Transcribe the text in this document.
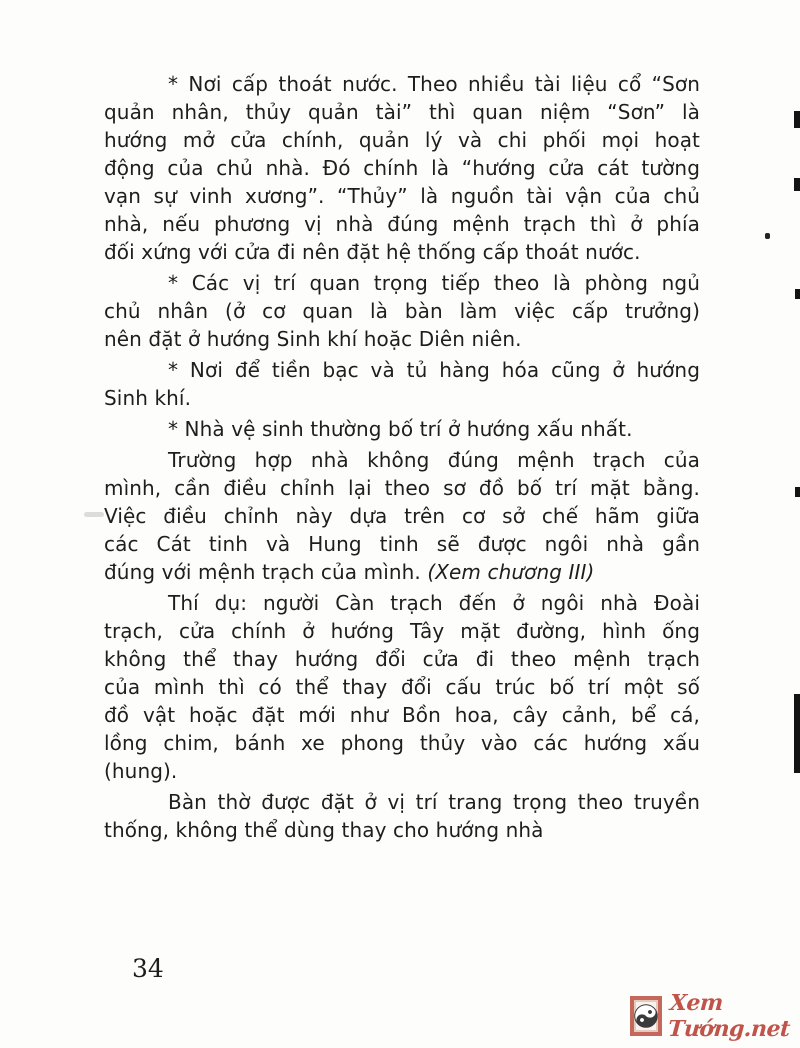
* Nơi cấp thoát nước. Theo nhiều tài liệu cổ “Sơn
quản nhân, thủy quản tài” thì quan niệm “Sơn” là
hướng mở cửa chính, quản lý và chi phối mọi hoạt
động của chủ nhà. Đó chính là “hướng cửa cát tường
vạn sự vinh xương”. “Thủy” là nguồn tài vận của chủ
nhà, nếu phương vị nhà đúng mệnh trạch thì ở phía
đối xứng với cửa đi nên đặt hệ thống cấp thoát nước.
* Các vị trí quan trọng tiếp theo là phòng ngủ
chủ nhân (ở cơ quan là bàn làm việc cấp trưởng)
nên đặt ở hướng Sinh khí hoặc Diên niên.
* Nơi để tiền bạc và tủ hàng hóa cũng ở hướng
Sinh khí.
* Nhà vệ sinh thường bố trí ở hướng xấu nhất.
Trường hợp nhà không đúng mệnh trạch của
mình, cần điều chỉnh lại theo sơ đồ bố trí mặt bằng.
Việc điều chỉnh này dựa trên cơ sở chế hãm giữa
các Cát tinh và Hung tinh sẽ được ngôi nhà gần
đúng với mệnh trạch của mình. (Xem chương III)
Thí dụ: người Càn trạch đến ở ngôi nhà Đoài
trạch, cửa chính ở hướng Tây mặt đường, hình ống
không thể thay hướng đổi cửa đi theo mệnh trạch
của mình thì có thể thay đổi cấu trúc bố trí một số
đồ vật hoặc đặt mới như Bồn hoa, cây cảnh, bể cá,
lồng chim, bánh xe phong thủy vào các hướng xấu
(hung).
Bàn thờ được đặt ở vị trí trang trọng theo truyền
thống, không thể dùng thay cho hướng nhà
34
Xem Tướng.net
